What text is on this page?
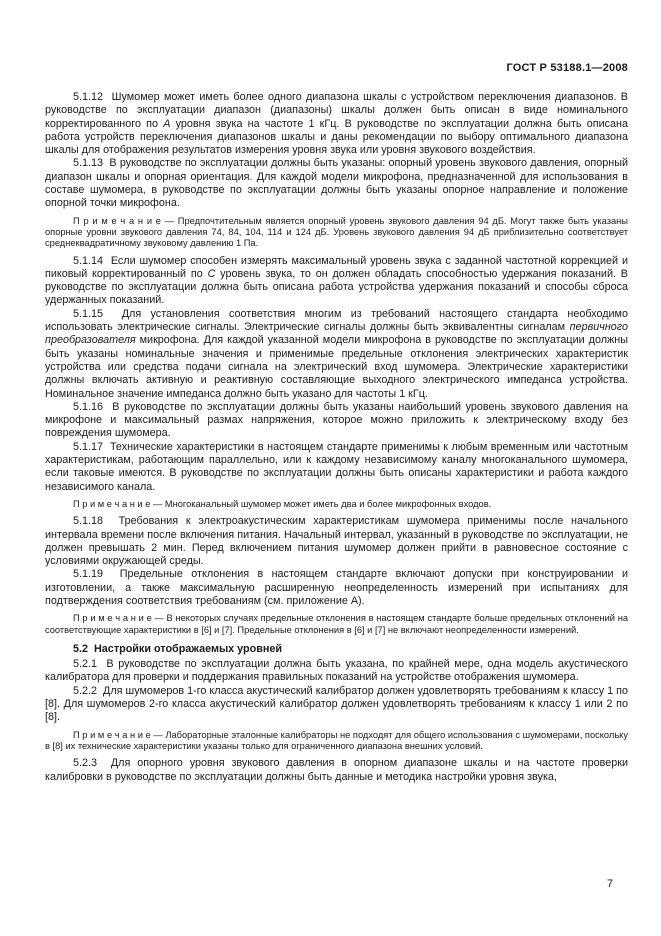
ГОСТ Р 53188.1—2008
5.1.12  Шумомер может иметь более одного диапазона шкалы с устройством переключения диапазонов. В руководстве по эксплуатации диапазон (диапазоны) шкалы должен быть описан в виде номинального корректированного по A уровня звука на частоте 1 кГц. В руководстве по эксплуатации должна быть описана работа устройств переключения диапазонов шкалы и даны рекомендации по выбору оптимального диапазона шкалы для отображения результатов измерения уровня звука или уровня звукового воздействия.
5.1.13  В руководстве по эксплуатации должны быть указаны: опорный уровень звукового давления, опорный диапазон шкалы и опорная ориентация. Для каждой модели микрофона, предназначенной для использования в составе шумомера, в руководстве по эксплуатации должны быть указаны опорное направление и положение опорной точки микрофона.
П р и м е ч а н и е — Предпочтительным является опорный уровень звукового давления 94 дБ. Могут также быть указаны опорные уровни звукового давления 74, 84, 104, 114 и 124 дБ. Уровень звукового давления 94 дБ приблизительно соответствует среднеквадратичному звуковому давлению 1 Па.
5.1.14  Если шумомер способен измерять максимальный уровень звука с заданной частотной коррекцией и пиковый корректированный по C уровень звука, то он должен обладать способностью удержания показаний. В руководстве по эксплуатации должна быть описана работа устройства удержания показаний и способы сброса удержанных показаний.
5.1.15  Для установления соответствия многим из требований настоящего стандарта необходимо использовать электрические сигналы. Электрические сигналы должны быть эквивалентны сигналам первичного преобразователя микрофона. Для каждой указанной модели микрофона в руководстве по эксплуатации должны быть указаны номинальные значения и применимые предельные отклонения электрических характеристик устройства или средства подачи сигнала на электрический вход шумомера. Электрические характеристики должны включать активную и реактивную составляющие выходного электрического импеданса устройства. Номинальное значение импеданса должно быть указано для частоты 1 кГц.
5.1.16  В руководстве по эксплуатации должны быть указаны наибольший уровень звукового давления на микрофоне и максимальный размах напряжения, которое можно приложить к электрическому входу без повреждения шумомера.
5.1.17  Технические характеристики в настоящем стандарте применимы к любым временным или частотным характеристикам, работающим параллельно, или к каждому независимому каналу многоканального шумомера, если таковые имеются. В руководстве по эксплуатации должны быть описаны характеристики и работа каждого независимого канала.
П р и м е ч а н и е — Многоканальный шумомер может иметь два и более микрофонных входов.
5.1.18  Требования к электроакустическим характеристикам шумомера применимы после начального интервала времени после включения питания. Начальный интервал, указанный в руководстве по эксплуатации, не должен превышать 2 мин. Перед включением питания шумомер должен прийти в равновесное состояние с условиями окружающей среды.
5.1.19  Предельные отклонения в настоящем стандарте включают допуски при конструировании и изготовлении, а также максимальную расширенную неопределенность измерений при испытаниях для подтверждения соответствия требованиям (см. приложение А).
П р и м е ч а н и е — В некоторых случаях предельные отклонения в настоящем стандарте больше предельных отклонений на соответствующие характеристики в [6] и [7]. Предельные отклонения в [6] и [7] не включают неопределенности измерений.
5.2  Настройки отображаемых уровней
5.2.1  В руководстве по эксплуатации должна быть указана, по крайней мере, одна модель акустического калибратора для проверки и поддержания правильных показаний на устройстве отображения шумомера.
5.2.2  Для шумомеров 1-го класса акустический калибратор должен удовлетворять требованиям к классу 1 по [8]. Для шумомеров 2-го класса акустический калибратор должен удовлетворять требованиям к классу 1 или 2 по [8].
П р и м е ч а н и е — Лабораторные эталонные калибраторы не подходят для общего использования с шумомерами, поскольку в [8] их технические характеристики указаны только для ограниченного диапазона внешних условий.
5.2.3  Для опорного уровня звукового давления в опорном диапазоне шкалы и на частоте проверки калибровки в руководстве по эксплуатации должны быть данные и методика настройки уровня звука,
7
